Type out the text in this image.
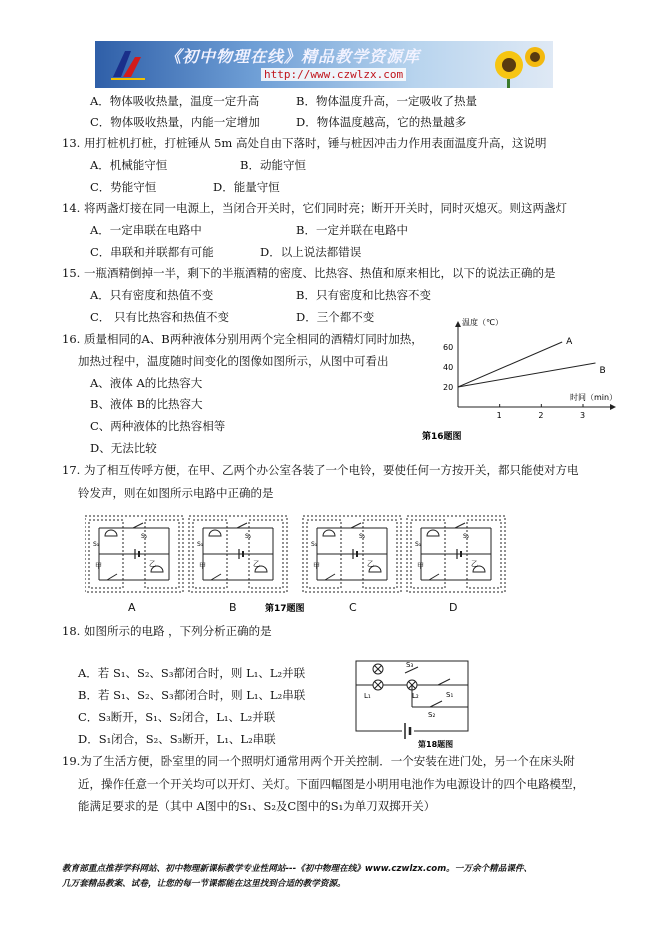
《初中物理在线》精品教学资源库
http://www.czwlzx.com
A．物体吸收热量，温度一定升高	B．物体温度升高，一定吸收了热量
C．物体吸收热量，内能一定增加	D．物体温度越高，它的热量越多
13. 用打桩机打桩，打桩锤从 5m 高处自由下落时，锤与桩因冲击力作用表面温度升高，这说明
A．机械能守恒	B．动能守恒
C．势能守恒	D．能量守恒
14. 将两盏灯接在同一电源上，当闭合开关时，它们同时亮；断开开关时，同时灭熄灭。则这两盏灯
A．一定串联在电路中	B．一定并联在电路中
C．串联和并联都有可能	D．以上说法都错误
15. 一瓶酒精倒掉一半，剩下的半瓶酒精的密度、比热容、热值和原来相比，以下的说法正确的是
A．只有密度和热值不变	B．只有密度和比热容不变
C． 只有比热容和热值不变	D．三个都不变
16. 质量相同的A、B两种液体分别用两个完全相同的酒精灯同时加热，
加热过程中，温度随时间变化的图像如图所示，从图中可看出
A、液体 A的比热容大
B、液体 B的比热容大
C、两种液体的比热容相等
D、无法比较
温度（℃）
时间（min）
1	2	3
20
40
60
A
B
第16题图
17. 为了相互传呼方便，在甲、乙两个办公室各装了一个电铃，要使任何一方按开关，都只能使对方电
铃发声，则在如图所示电路中正确的是
甲	乙
S₁
S₂
甲	乙
S₁
S₂
甲	乙
S₁
S₂
甲	乙
S₁
S₂
第17题图
A	B	C	D
18. 如图所示的电路 ，下列分析正确的是
A．若 S₁、S₂、S₃都闭合时，则 L₁、L₂并联
B．若 S₁、S₂、S₃都闭合时，则 L₁、L₂串联
C．S₃断开，S₁、S₂闭合，L₁、L₂并联
D．S₁闭合，S₂、S₃断开，L₁、L₂串联
S₃
L₁	L₂	S₁
S₂
第18题图
19.为了生活方便，卧室里的同一个照明灯通常用两个开关控制．一个安装在进门处，另一个在床头附
近，操作任意一个开关均可以开灯、关灯。下面四幅图是小明用电池作为电源设计的四个电路模型，
能满足要求的是（其中 A图中的S₁、S₂及C图中的S₁为单刀双掷开关）
教育部重点推荐学科网站、初中物理新课标教学专业性网站---《初中物理在线》www.czwlzx.com。一万余个精品课件、
几万套精品教案、试卷，让您的每一节课都能在这里找到合适的教学资源。
